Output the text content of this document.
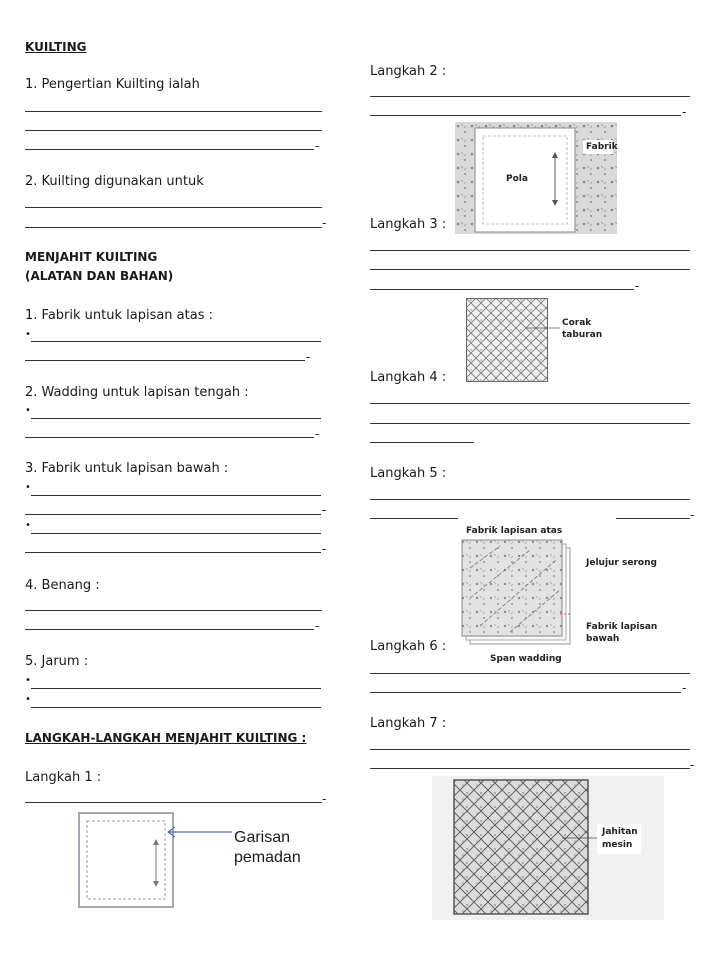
KUILTING
1. Pengertian Kuilting ialah
-
2. Kuilting digunakan untuk
-
MENJAHIT KUILTING
(ALATAN DAN BAHAN)
1. Fabrik untuk lapisan atas :
•
-
2. Wadding untuk lapisan tengah :
•
-
3. Fabrik untuk lapisan bawah :
•
-
•
-
4. Benang :
-
5. Jarum :
•
•
LANGKAH-LANGKAH MENJAHIT KUILTING :
Langkah 1 :
-
Garisan
pemadan
Langkah 2 :
-
Fabrik
Pola
Langkah 3 :
-
Corak
taburan
Langkah 4 :
Langkah 5 :
-
Fabrik lapisan atas
Jelujur serong
Fabrik lapisan
bawah
Span wadding
Langkah 6 :
-
Langkah 7 :
-
Jahitan
mesin
